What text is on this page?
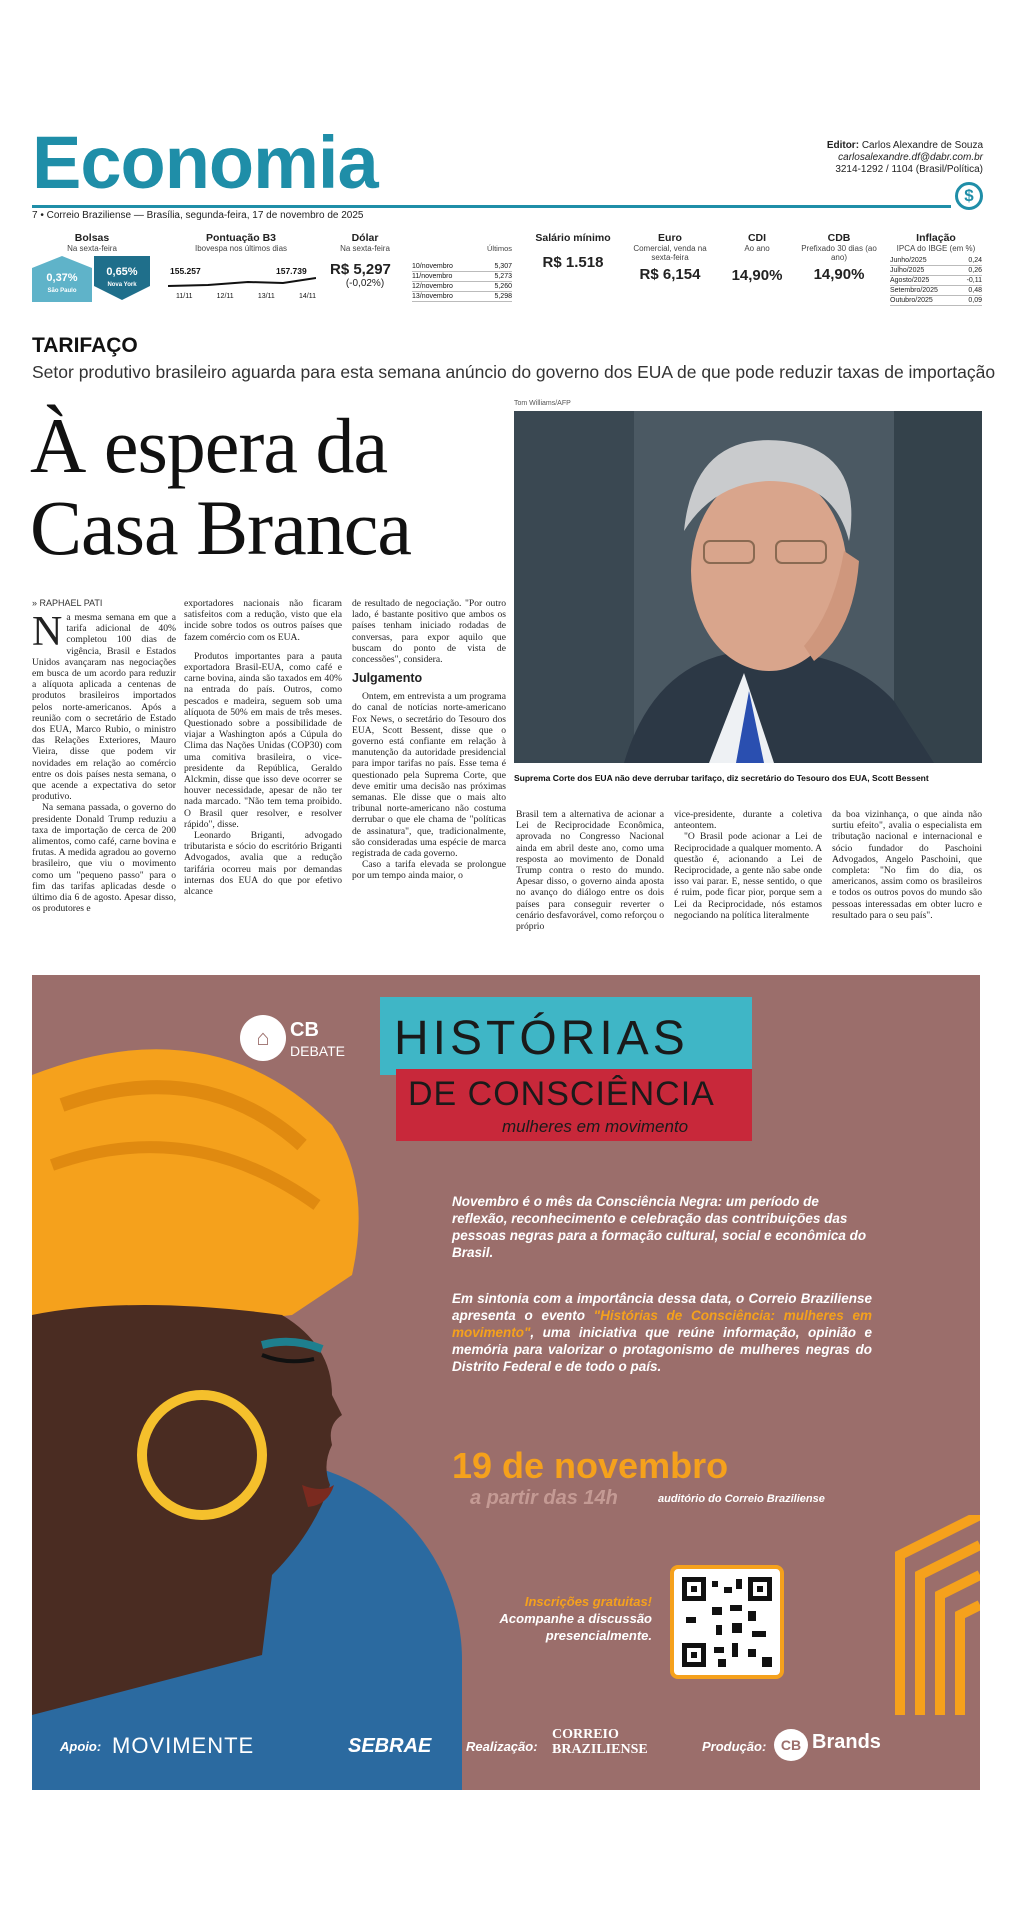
Economia	Editor: Carlos Alexandre de Souza
carlosalexandre.df@dabr.com.br
3214-1292 / 1104 (Brasil/Política)
$
7 • Correio Braziliense — Brasília, segunda-feira, 17 de novembro de 2025
Bolsas
Na sexta-feira
0,37%
São Paulo
0,65%
Nova York
Pontuação B3
Ibovespa nos últimos dias
155.257	157.739
11/11	12/11	13/11	14/11
Dólar
Na sexta-feira
R$ 5,297
(-0,02%)
Últimos
10/novembro	5,307
11/novembro	5,273
12/novembro	5,260
13/novembro	5,298
Salário mínimo
R$ 1.518
Euro
Comercial, venda na sexta-feira
R$ 6,154
CDI
Ao ano
14,90%
CDB
Prefixado 30 dias (ao ano)
14,90%
Inflação
IPCA do IBGE (em %)
Junho/2025	0,24
Julho/2025	0,26
Agosto/2025	-0,11
Setembro/2025	0,48
Outubro/2025	0,09
TARIFAÇO
Setor produtivo brasileiro aguarda para esta semana anúncio do governo dos EUA de que pode reduzir taxas de importação
À espera da
Casa Branca
Tom Williams/AFP
Suprema Corte dos EUA não deve derrubar tarifaço, diz secretário do Tesouro dos EUA, Scott Bessent
» RAPHAEL PATI
Na mesma semana em que a tarifa adicional de 40% completou 100 dias de vigência, Brasil e Estados Unidos avançaram nas negociações em busca de um acordo para reduzir a alíquota aplicada a centenas de produtos brasileiros importados pelos norte-americanos. Após a reunião com o secretário de Estado dos EUA, Marco Rubio, o ministro das Relações Exteriores, Mauro Vieira, disse que podem vir novidades em relação ao comércio entre os dois países nesta semana, o que acende a expectativa do setor produtivo.

Na semana passada, o governo do presidente Donald Trump reduziu a taxa de importação de cerca de 200 alimentos, como café, carne bovina e frutas. A medida agradou ao governo brasileiro, que viu o movimento como um "pequeno passo" para o fim das tarifas aplicadas desde o último dia 6 de agosto. Apesar disso, os produtores e

exportadores nacionais não ficaram satisfeitos com a redução, visto que ela incide sobre todos os outros países que fazem comércio com os EUA.

Produtos importantes para a pauta exportadora Brasil-EUA, como café e carne bovina, ainda são taxados em 40% na entrada do país. Outros, como pescados e madeira, seguem sob uma alíquota de 50% em mais de três meses. Questionado sobre a possibilidade de viajar a Washington após a Cúpula do Clima das Nações Unidas (COP30) com uma comitiva brasileira, o vice-presidente da República, Geraldo Alckmin, disse que isso deve ocorrer se houver necessidade, apesar de não ter nada marcado. "Não tem tema proibido. O Brasil quer resolver, e resolver rápido", disse.

Leonardo Briganti, advogado tributarista e sócio do escritório Briganti Advogados, avalia que a redução tarifária ocorreu mais por demandas internas dos EUA do que por efetivo alcance

de resultado de negociação. "Por outro lado, é bastante positivo que ambos os países tenham iniciado rodadas de conversas, para expor aquilo que buscam do ponto de vista de concessões", considera.

Julgamento

Ontem, em entrevista a um programa do canal de notícias norte-americano Fox News, o secretário do Tesouro dos EUA, Scott Bessent, disse que o governo está confiante em relação à manutenção da autoridade presidencial para impor tarifas no país. Esse tema é questionado pela Suprema Corte, que deve emitir uma decisão nas próximas semanas. Ele disse que o mais alto tribunal norte-americano não costuma derrubar o que ele chama de "políticas de assinatura", que, tradicionalmente, são consideradas uma espécie de marca registrada de cada governo.

Caso a tarifa elevada se prolongue por um tempo ainda maior, o

Brasil tem a alternativa de acionar a Lei de Reciprocidade Econômica, aprovada no Congresso Nacional ainda em abril deste ano, como uma resposta ao movimento de Donald Trump contra o resto do mundo. Apesar disso, o governo ainda aposta no avanço do diálogo entre os dois países para conseguir reverter o cenário desfavorável, como reforçou o próprio

vice-presidente, durante a coletiva anteontem.

"O Brasil pode acionar a Lei de Reciprocidade a qualquer momento. A questão é, acionando a Lei de Reciprocidade, a gente não sabe onde isso vai parar. E, nesse sentido, o que é ruim, pode ficar pior, porque sem a Lei da Reciprocidade, nós estamos negociando na política literalmente

da boa vizinhança, o que ainda não surtiu efeito", avalia o especialista em tributação nacional e internacional e sócio fundador do Paschoini Advogados, Angelo Paschoini, que completa: "No fim do dia, os americanos, assim como os brasileiros e todos os outros povos do mundo são pessoas interessadas em obter lucro e resultado para o seu país".

⌂	CB
DEBATE HISTÓRIAS
DE CONSCIÊNCIA
mulheres em movimento
Novembro é o mês da Consciência Negra: um período de reflexão, reconhecimento e celebração das contribuições das pessoas negras para a formação cultural, social e econômica do Brasil.
Em sintonia com a importância dessa data, o Correio Braziliense apresenta o evento "Histórias de Consciência: mulheres em movimento", uma iniciativa que reúne informação, opinião e memória para valorizar o protagonismo de mulheres negras do Distrito Federal e de todo o país.
19 de novembro
a partir das 14h	auditório do Correio Braziliense
Inscrições gratuitas!
Acompanhe a discussão
presencialmente.
Apoio: MOVIMENTE	SEBRAE	Realização:
CORREIO
BRAZILIENSE	Produção:	CB Brands
